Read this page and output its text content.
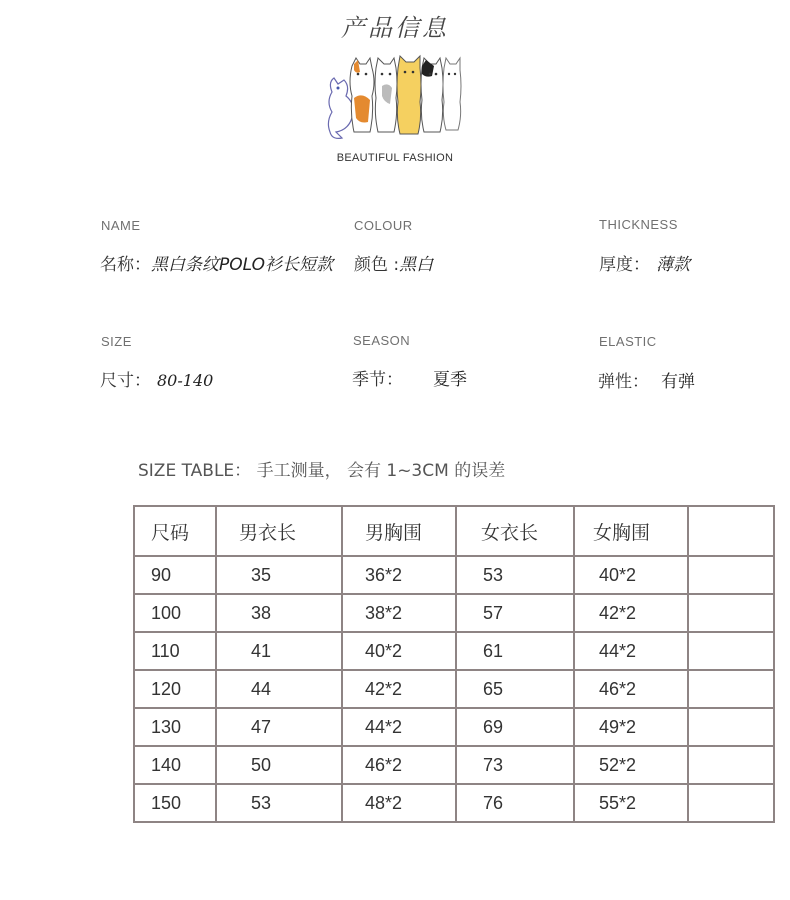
产品信息
BEAUTIFUL FASHION
NAME
名称：黑白条纹POLO衫长短款
COLOUR
颜色 :黑白
THICKNESS
厚度： 薄款
SIZE
尺寸： 80-140
SEASON
季节： 夏季
ELASTIC
弹性： 有弹
SIZE TABLE： 手工测量， 会有 1~3CM 的误差
尺码	男衣长	男胸围	女衣长	女胸围	
90	35	36*2	53	40*2	
100	38	38*2	57	42*2	
110	41	40*2	61	44*2	
120	44	42*2	65	46*2	
130	47	44*2	69	49*2	
140	50	46*2	73	52*2	
150	53	48*2	76	55*2	
